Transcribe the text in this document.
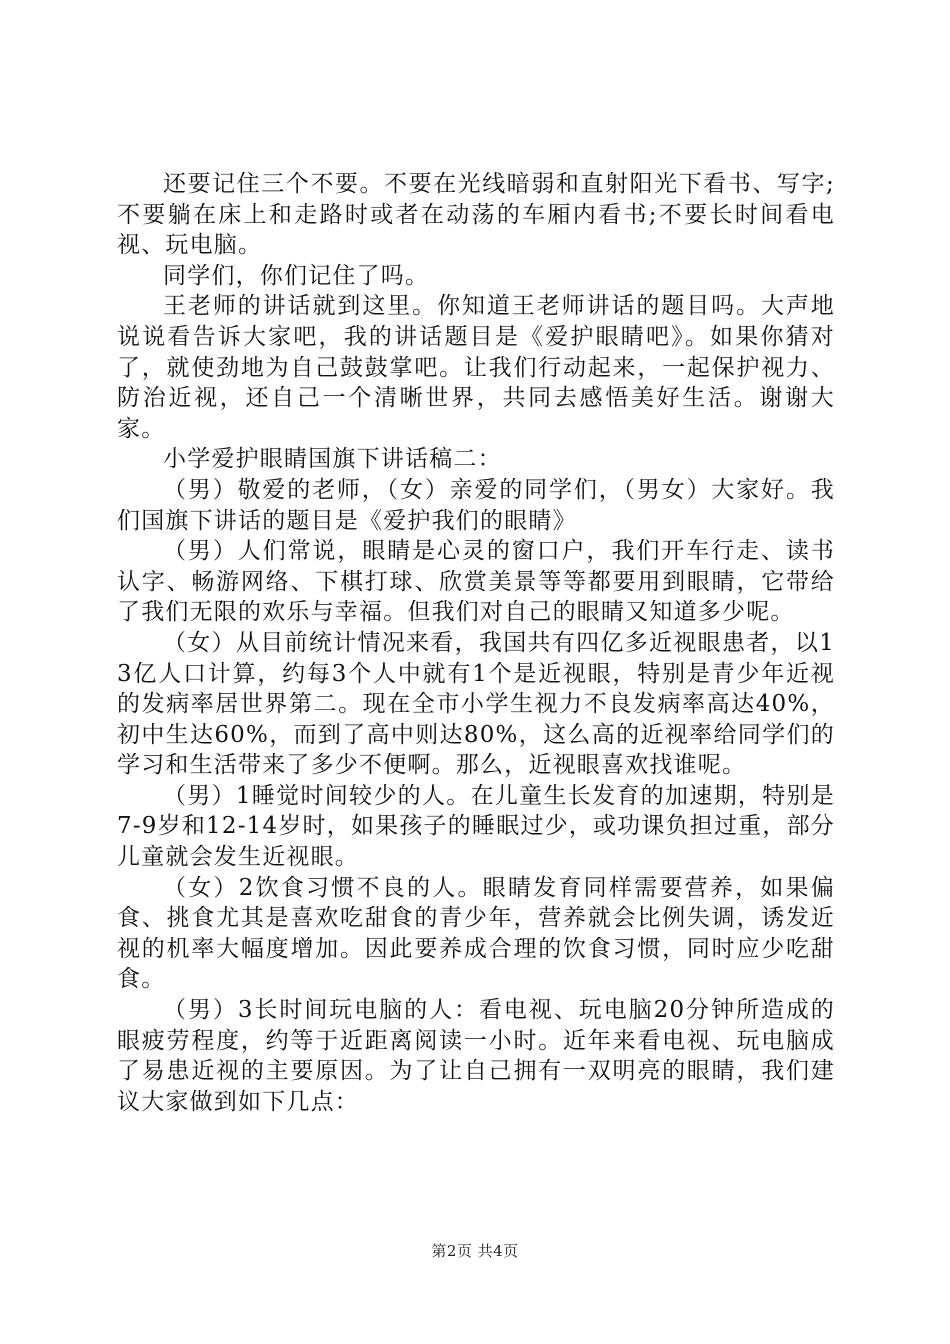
还要记住三个不要。不要在光线暗弱和直射阳光下看书、写字;不要躺在床上和走路时或者在动荡的车厢内看书;不要长时间看电视、玩电脑。

同学们，你们记住了吗。

王老师的讲话就到这里。你知道王老师讲话的题目吗。大声地说说看告诉大家吧，我的讲话题目是《爱护眼睛吧》。如果你猜对了，就使劲地为自己鼓鼓掌吧。让我们行动起来，一起保护视力、防治近视，还自己一个清晰世界，共同去感悟美好生活。谢谢大家。

小学爱护眼睛国旗下讲话稿二：

（男）敬爱的老师，（女）亲爱的同学们，（男女）大家好。我们国旗下讲话的题目是《爱护我们的眼睛》

（男）人们常说，眼睛是心灵的窗口户，我们开车行走、读书认字、畅游网络、下棋打球、欣赏美景等等都要用到眼睛，它带给了我们无限的欢乐与幸福。但我们对自己的眼睛又知道多少呢。

（女）从目前统计情况来看，我国共有四亿多近视眼患者，以13亿人口计算，约每3个人中就有1个是近视眼，特别是青少年近视的发病率居世界第二。现在全市小学生视力不良发病率高达40%，初中生达60%，而到了高中则达80%，这么高的近视率给同学们的学习和生活带来了多少不便啊。那么，近视眼喜欢找谁呢。

（男）1睡觉时间较少的人。在儿童生长发育的加速期，特别是7-9岁和12-14岁时，如果孩子的睡眠过少，或功课负担过重，部分儿童就会发生近视眼。

（女）2饮食习惯不良的人。眼睛发育同样需要营养，如果偏食、挑食尤其是喜欢吃甜食的青少年，营养就会比例失调，诱发近视的机率大幅度增加。因此要养成合理的饮食习惯，同时应少吃甜食。

（男）3长时间玩电脑的人：看电视、玩电脑20分钟所造成的眼疲劳程度，约等于近距离阅读一小时。近年来看电视、玩电脑成了易患近视的主要原因。为了让自己拥有一双明亮的眼睛，我们建议大家做到如下几点：

第2页 共4页
